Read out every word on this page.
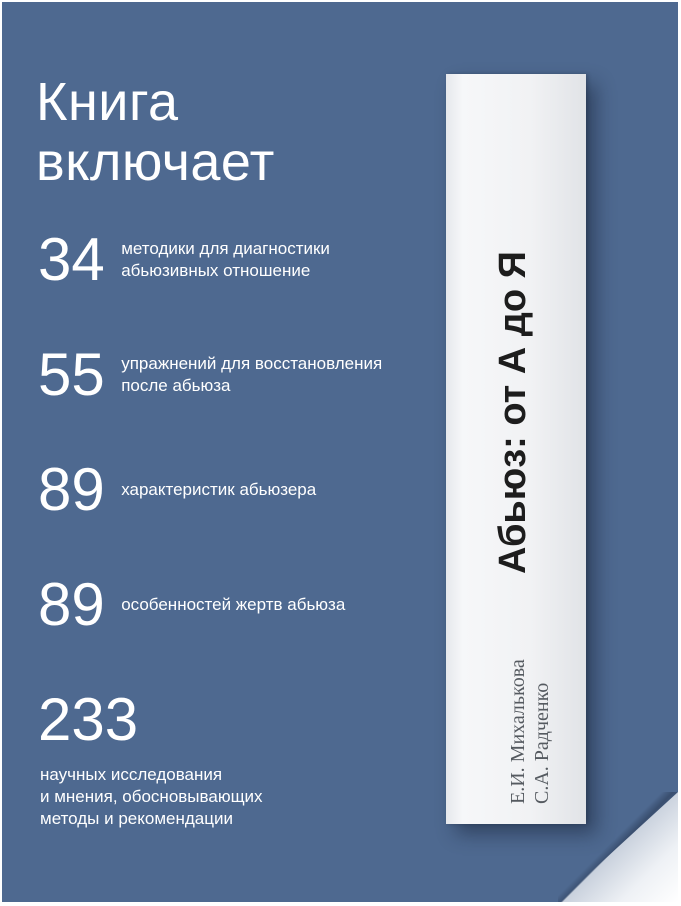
Книга
включает
34 методики для диагностики
абьюзивных отношение
55 упражнений для восстановления
после абьюза
89 характеристик абьюзера
89 особенностей жертв абьюза
233
научных исследования
и мнения, обосновывающих
методы и рекомендации
Абьюз: от А до Я
Е.И. Михалькова С.А. Радченко
